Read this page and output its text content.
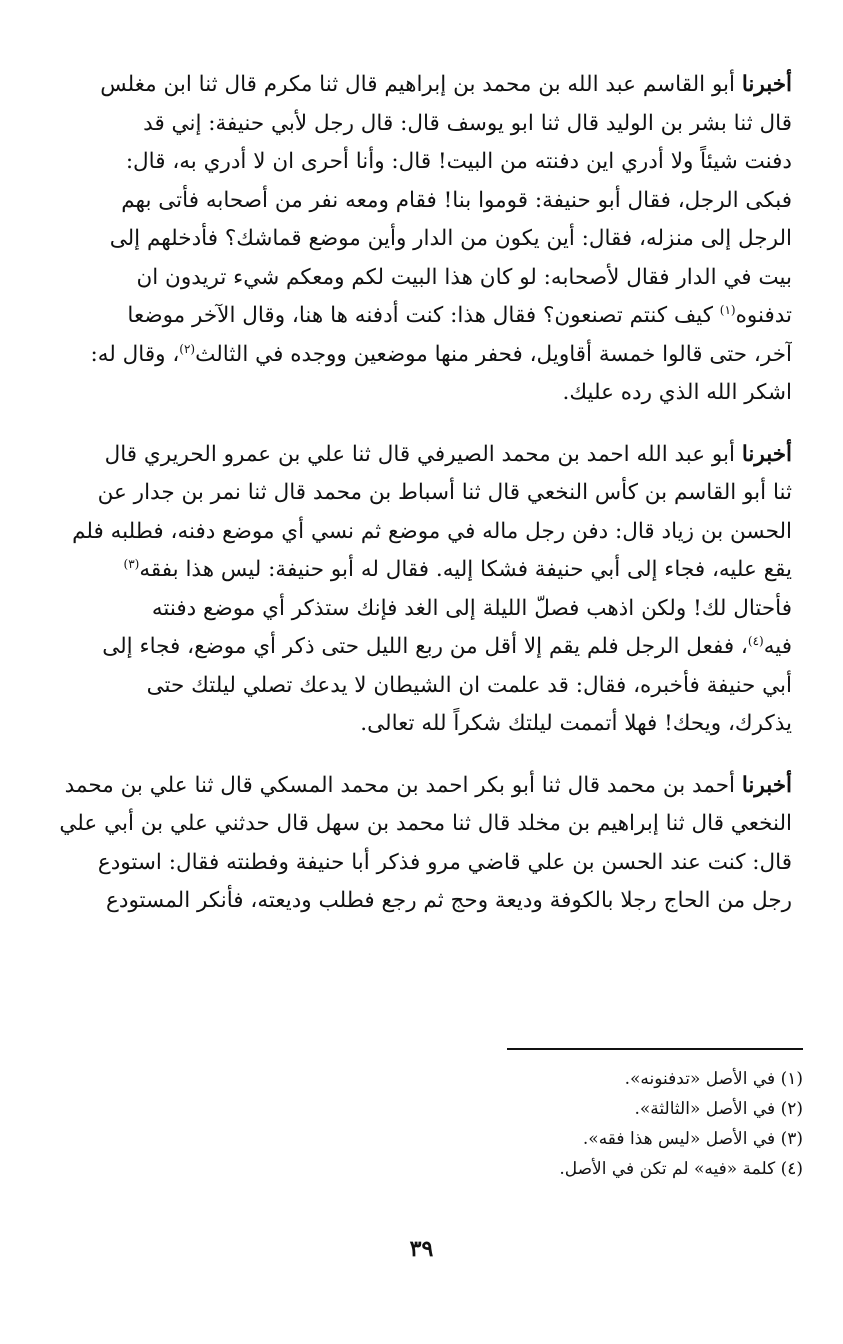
أخبرنا أبو القاسم عبد الله بن محمد بن إبراهيم قال ثنا مكرم قال ثنا ابن مغلس
قال ثنا بشر بن الوليد قال ثنا ابو يوسف قال: قال رجل لأبي حنيفة: إني قد
دفنت شيئاً ولا أدري اين دفنته من البيت! قال: وأنا أحرى ان لا أدري به، قال:
فبكى الرجل، فقال أبو حنيفة: قوموا بنا! فقام ومعه نفر من أصحابه فأتى بهم
الرجل إلى منزله، فقال: أين يكون من الدار وأين موضع قماشك؟ فأدخلهم إلى
بيت في الدار فقال لأصحابه: لو كان هذا البيت لكم ومعكم شيء تريدون ان
تدفنوه$^{(١)}$ كيف كنتم تصنعون؟ فقال هذا: كنت أدفنه ها هنا، وقال الآخر موضعا
آخر، حتى قالوا خمسة أقاويل، فحفر منها موضعين ووجده في الثالث$^{(٢)}$، وقال له:
اشكر الله الذي رده عليك.
أخبرنا أبو عبد الله احمد بن محمد الصيرفي قال ثنا علي بن عمرو الحريري قال
ثنا أبو القاسم بن كأس النخعي قال ثنا أسباط بن محمد قال ثنا نمر بن جدار عن
الحسن بن زياد قال: دفن رجل ماله في موضع ثم نسي أي موضع دفنه، فطلبه فلم
يقع عليه، فجاء إلى أبي حنيفة فشكا إليه. فقال له أبو حنيفة: ليس هذا بفقه$^{(٣)}$
فأحتال لك! ولكن اذهب فصلّ الليلة إلى الغد فإنك ستذكر أي موضع دفنته
فيه$^{(٤)}$، ففعل الرجل فلم يقم إلا أقل من ربع الليل حتى ذكر أي موضع، فجاء إلى
أبي حنيفة فأخبره، فقال: قد علمت ان الشيطان لا يدعك تصلي ليلتك حتى
يذكرك، ويحك! فهلا أتممت ليلتك شكراً لله تعالى.
أخبرنا أحمد بن محمد قال ثنا أبو بكر احمد بن محمد المسكي قال ثنا علي بن محمد
النخعي قال ثنا إبراهيم بن مخلد قال ثنا محمد بن سهل قال حدثني علي بن أبي علي
قال: كنت عند الحسن بن علي قاضي مرو فذكر أبا حنيفة وفطنته فقال: استودع
رجل من الحاج رجلا بالكوفة وديعة وحج ثم رجع فطلب وديعته، فأنكر المستودع
(١) في الأصل «تدفنونه».
(٢) في الأصل «الثالثة».
(٣) في الأصل «ليس هذا فقه».
(٤) كلمة «فيه» لم تكن في الأصل.
٣٩
